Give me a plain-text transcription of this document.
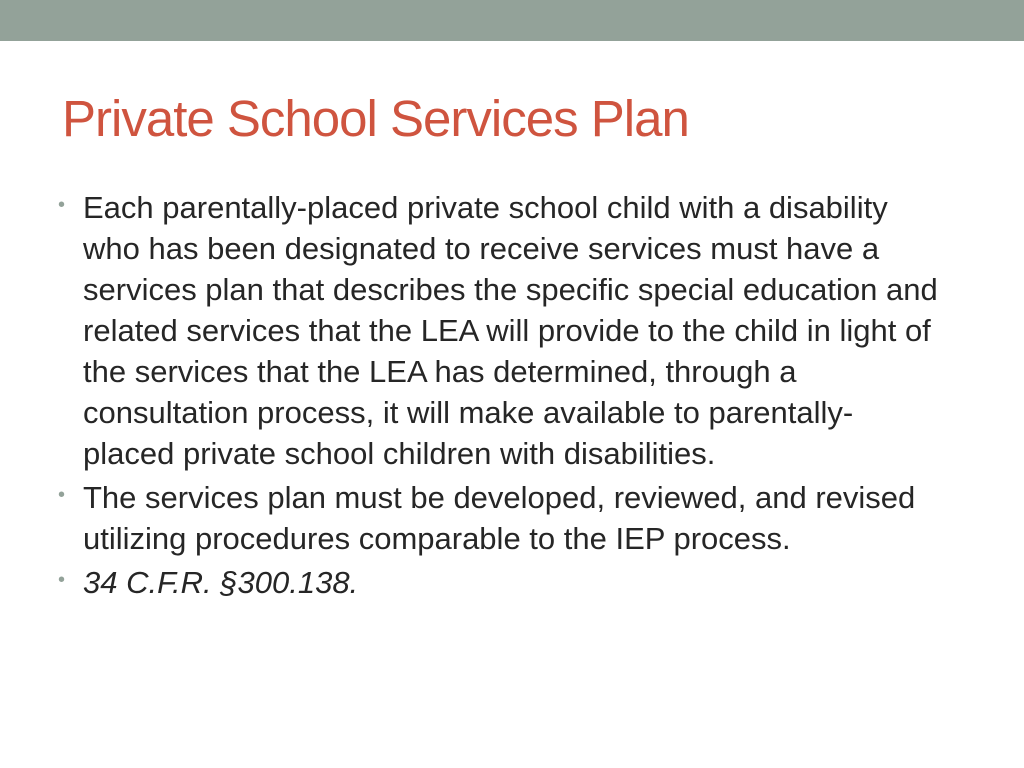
Private School Services Plan
• Each parentally-placed private school child with a disability who has been designated to receive services must have a services plan that describes the specific special education and related services that the LEA will provide to the child in light of the services that the LEA has determined, through a consultation process, it will make available to parentally-placed private school children with disabilities.
• The services plan must be developed, reviewed, and revised utilizing procedures comparable to the IEP process.
• 34 C.F.R. §300.138.
